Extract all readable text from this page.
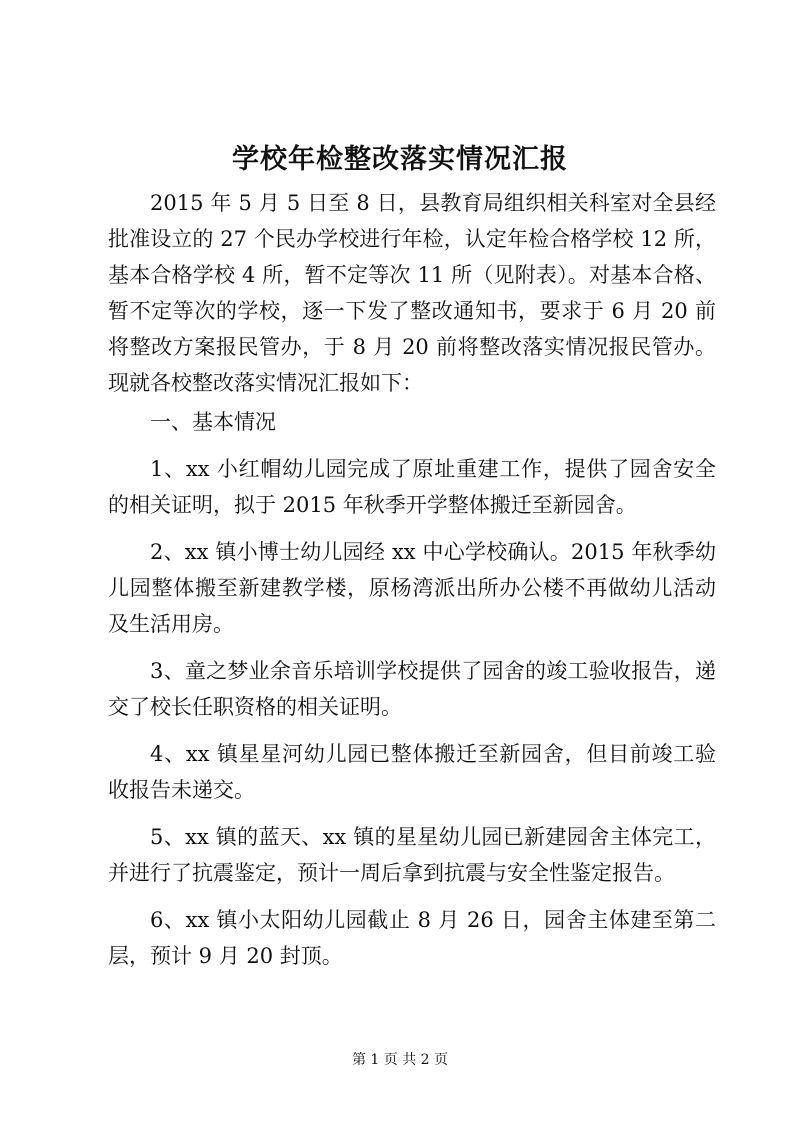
学校年检整改落实情况汇报

2015 年 5 月 5 日至 8 日，县教育局组织相关科室对全县经批准设立的 27 个民办学校进行年检，认定年检合格学校 12 所，基本合格学校 4 所，暂不定等次 11 所（见附表）。对基本合格、暂不定等次的学校，逐一下发了整改通知书，要求于 6 月 20 前将整改方案报民管办，于 8 月 20 前将整改落实情况报民管办。现就各校整改落实情况汇报如下：

一、基本情况

1、xx 小红帽幼儿园完成了原址重建工作，提供了园舍安全的相关证明，拟于 2015 年秋季开学整体搬迁至新园舍。

2、xx 镇小博士幼儿园经 xx 中心学校确认。2015 年秋季幼儿园整体搬至新建教学楼，原杨湾派出所办公楼不再做幼儿活动及生活用房。

3、童之梦业余音乐培训学校提供了园舍的竣工验收报告，递交了校长任职资格的相关证明。

4、xx 镇星星河幼儿园已整体搬迁至新园舍，但目前竣工验收报告未递交。

5、xx 镇的蓝天、xx 镇的星星幼儿园已新建园舍主体完工，并进行了抗震鉴定，预计一周后拿到抗震与安全性鉴定报告。

6、xx 镇小太阳幼儿园截止 8 月 26 日，园舍主体建至第二层，预计 9 月 20 封顶。

第 1 页 共 2 页
